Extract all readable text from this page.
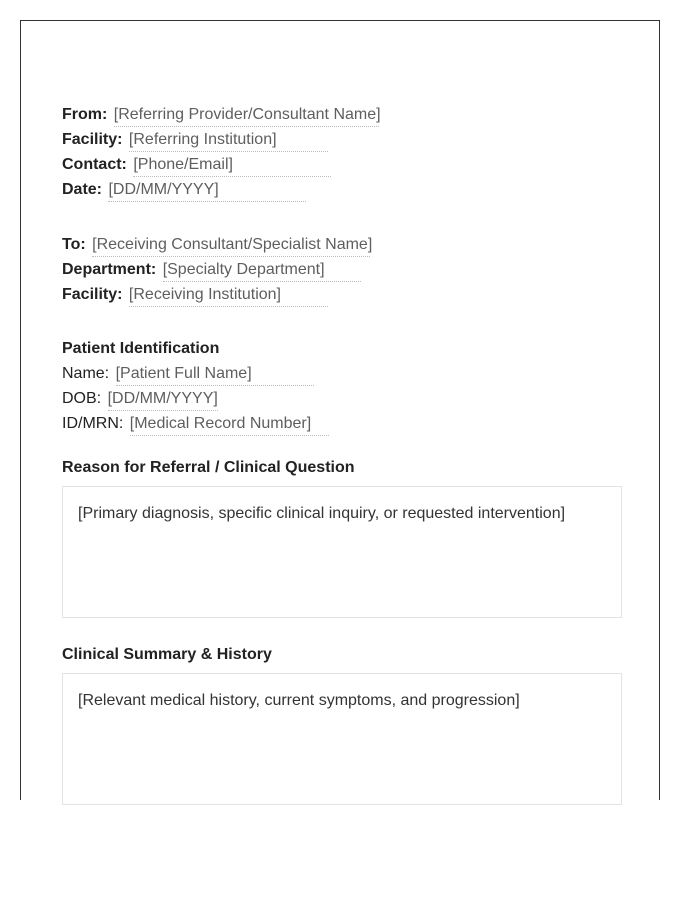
From: [Referring Provider/Consultant Name]
Facility: [Referring Institution]
Contact: [Phone/Email]
Date: [DD/MM/YYYY]
To: [Receiving Consultant/Specialist Name]
Department: [Specialty Department]
Facility: [Receiving Institution]
Patient Identification
Name: [Patient Full Name]
DOB: [DD/MM/YYYY]
ID/MRN: [Medical Record Number]
Reason for Referral / Clinical Question
[Primary diagnosis, specific clinical inquiry, or requested intervention]
Clinical Summary & History
[Relevant medical history, current symptoms, and progression]
